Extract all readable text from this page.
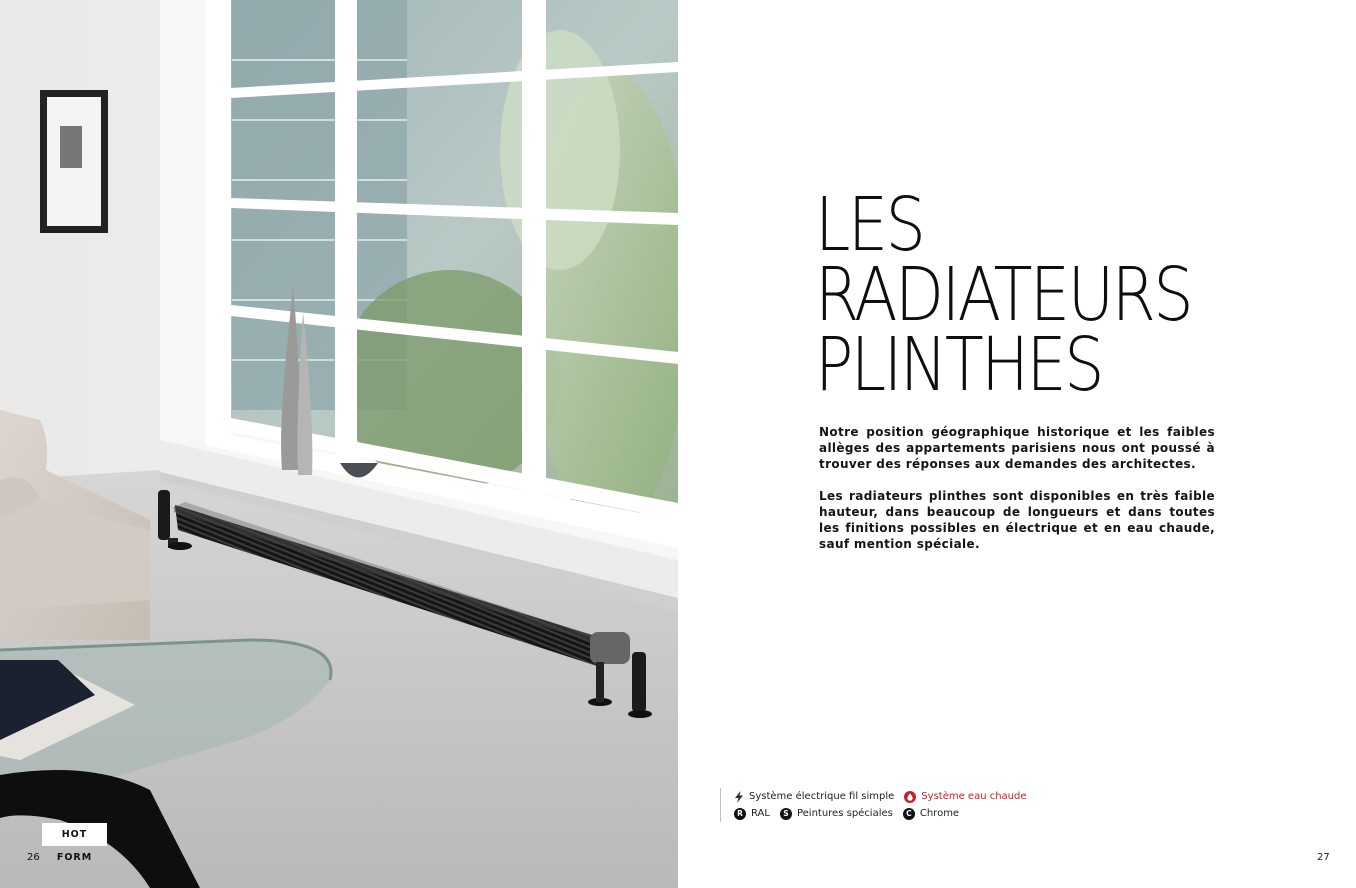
HOT FORM
26
LES
RADIATEURS
PLINTHES

Notre position géographique historique et les faibles allèges des appartements parisiens nous ont poussé à trouver des réponses aux demandes des architectes.

Les radiateurs plinthes sont disponibles en très faible hauteur, dans beaucoup de longueurs et dans toutes les finitions possibles en électrique et en eau chaude, sauf mention spéciale.

Système électrique fil simple	Système eau chaude
R RAL	S Peintures spéciales	C Chrome
27
